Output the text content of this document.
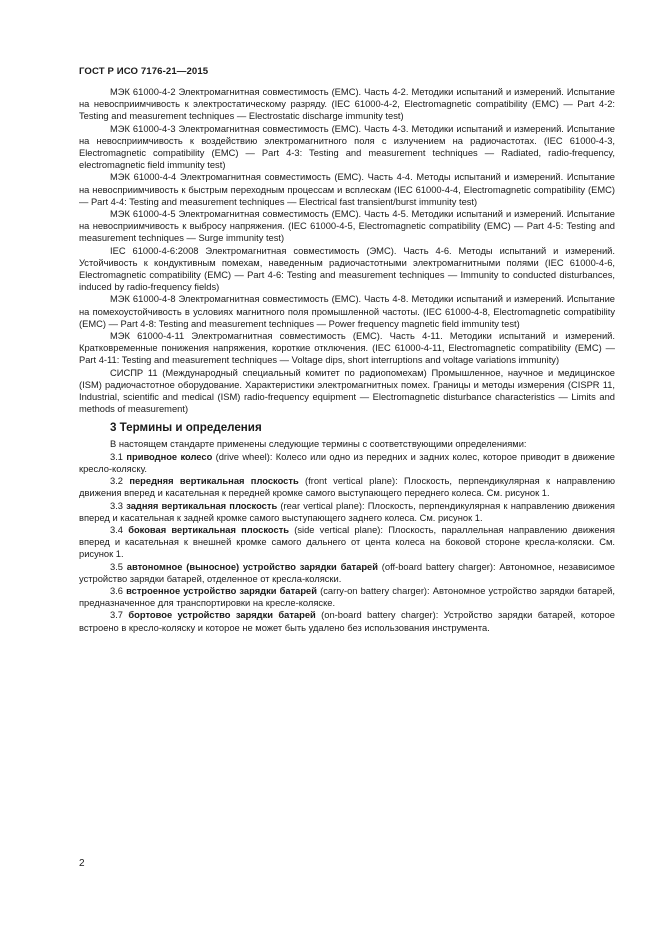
ГОСТ Р ИСО 7176-21—2015

МЭК 61000-4-2 Электромагнитная совместимость (ЕМС). Часть 4-2. Методики испытаний и измерений. Испытание на невосприимчивость к электростатическому разряду. (IEC 61000-4-2, Electromagnetic compatibility (EMC) — Part 4-2: Testing and measurement techniques — Electrostatic discharge immunity test)

МЭК 61000-4-3 Электромагнитная совместимость (ЕМС). Часть 4-3. Методики испытаний и измерений. Испытание на невосприимчивость к воздействию электромагнитного поля с излучением на радиочастотах. (IEC 61000-4-3, Electromagnetic compatibility (EMC) — Part 4-3: Testing and measurement techniques — Radiated, radio-frequency, electromagnetic field immunity test)

МЭК 61000-4-4 Электромагнитная совместимость (ЕМС). Часть 4-4. Методы испытаний и измерений. Испытание на невосприимчивость к быстрым переходным процессам и всплескам (IEC 61000-4-4, Electromagnetic compatibility (EMC) — Part 4-4: Testing and measurement techniques — Electrical fast transient/burst immunity test)

МЭК 61000-4-5 Электромагнитная совместимость (ЕМС). Часть 4-5. Методики испытаний и измерений. Испытание на невосприимчивость к выбросу напряжения. (IEC 61000-4-5, Electromagnetic compatibility (EMC) — Part 4-5: Testing and measurement techniques — Surge immunity test)

IEC 61000-4-6:2008 Электромагнитная совместимость (ЭМС). Часть 4-6. Методы испытаний и измерений. Устойчивость к кондуктивным помехам, наведенным радиочастотными электромагнитными полями (IEC 61000-4-6, Electromagnetic compatibility (EMC) — Part 4-6: Testing and measurement techniques — Immunity to conducted disturbances, induced by radio-frequency fields)

МЭК 61000-4-8 Электромагнитная совместимость (ЕМС). Часть 4-8. Методики испытаний и измерений. Испытание на помехоустойчивость в условиях магнитного поля промышленной частоты. (IEC 61000-4-8, Electromagnetic compatibility (EMC) — Part 4-8: Testing and measurement techniques — Power frequency magnetic field immunity test)

МЭК 61000-4-11 Электромагнитная совместимость (ЕМС). Часть 4-11. Методики испытаний и измерений. Кратковременные понижения напряжения, короткие отключения. (IEC 61000-4-11, Electromagnetic compatibility (EMC) — Part 4-11: Testing and measurement techniques — Voltage dips, short interruptions and voltage variations immunity)

СИСПР 11 (Международный специальный комитет по радиопомехам) Промышленное, научное и медицинское (ISM) радиочастотное оборудование. Характеристики электромагнитных помех. Границы и методы измерения (CISPR 11, Industrial, scientific and medical (ISM) radio-frequency equipment — Electromagnetic disturbance characteristics — Limits and methods of measurement)

3 Термины и определения

В настоящем стандарте применены следующие термины с соответствующими определениями:

3.1 приводное колесо (drive wheel): Колесо или одно из передних и задних колес, которое приводит в движение кресло-коляску.

3.2 передняя вертикальная плоскость (front vertical plane): Плоскость, перпендикулярная к направлению движения вперед и касательная к передней кромке самого выступающего переднего колеса. См. рисунок 1.

3.3 задняя вертикальная плоскость (rear vertical plane): Плоскость, перпендикулярная к направлению движения вперед и касательная к задней кромке самого выступающего заднего колеса. См. рисунок 1.

3.4 боковая вертикальная плоскость (side vertical plane): Плоскость, параллельная направлению движения вперед и касательная к внешней кромке самого дальнего от цента колеса на боковой стороне кресла-коляски. См. рисунок 1.

3.5 автономное (выносное) устройство зарядки батарей (off-board battery charger): Автономное, независимое устройство зарядки батарей, отделенное от кресла-коляски.

3.6 встроенное устройство зарядки батарей (carry-on battery charger): Автономное устройство зарядки батарей, предназначенное для транспортировки на кресле-коляске.

3.7 бортовое устройство зарядки батарей (on-board battery charger): Устройство зарядки батарей, которое встроено в кресло-коляску и которое не может быть удалено без использования инструмента.

2
